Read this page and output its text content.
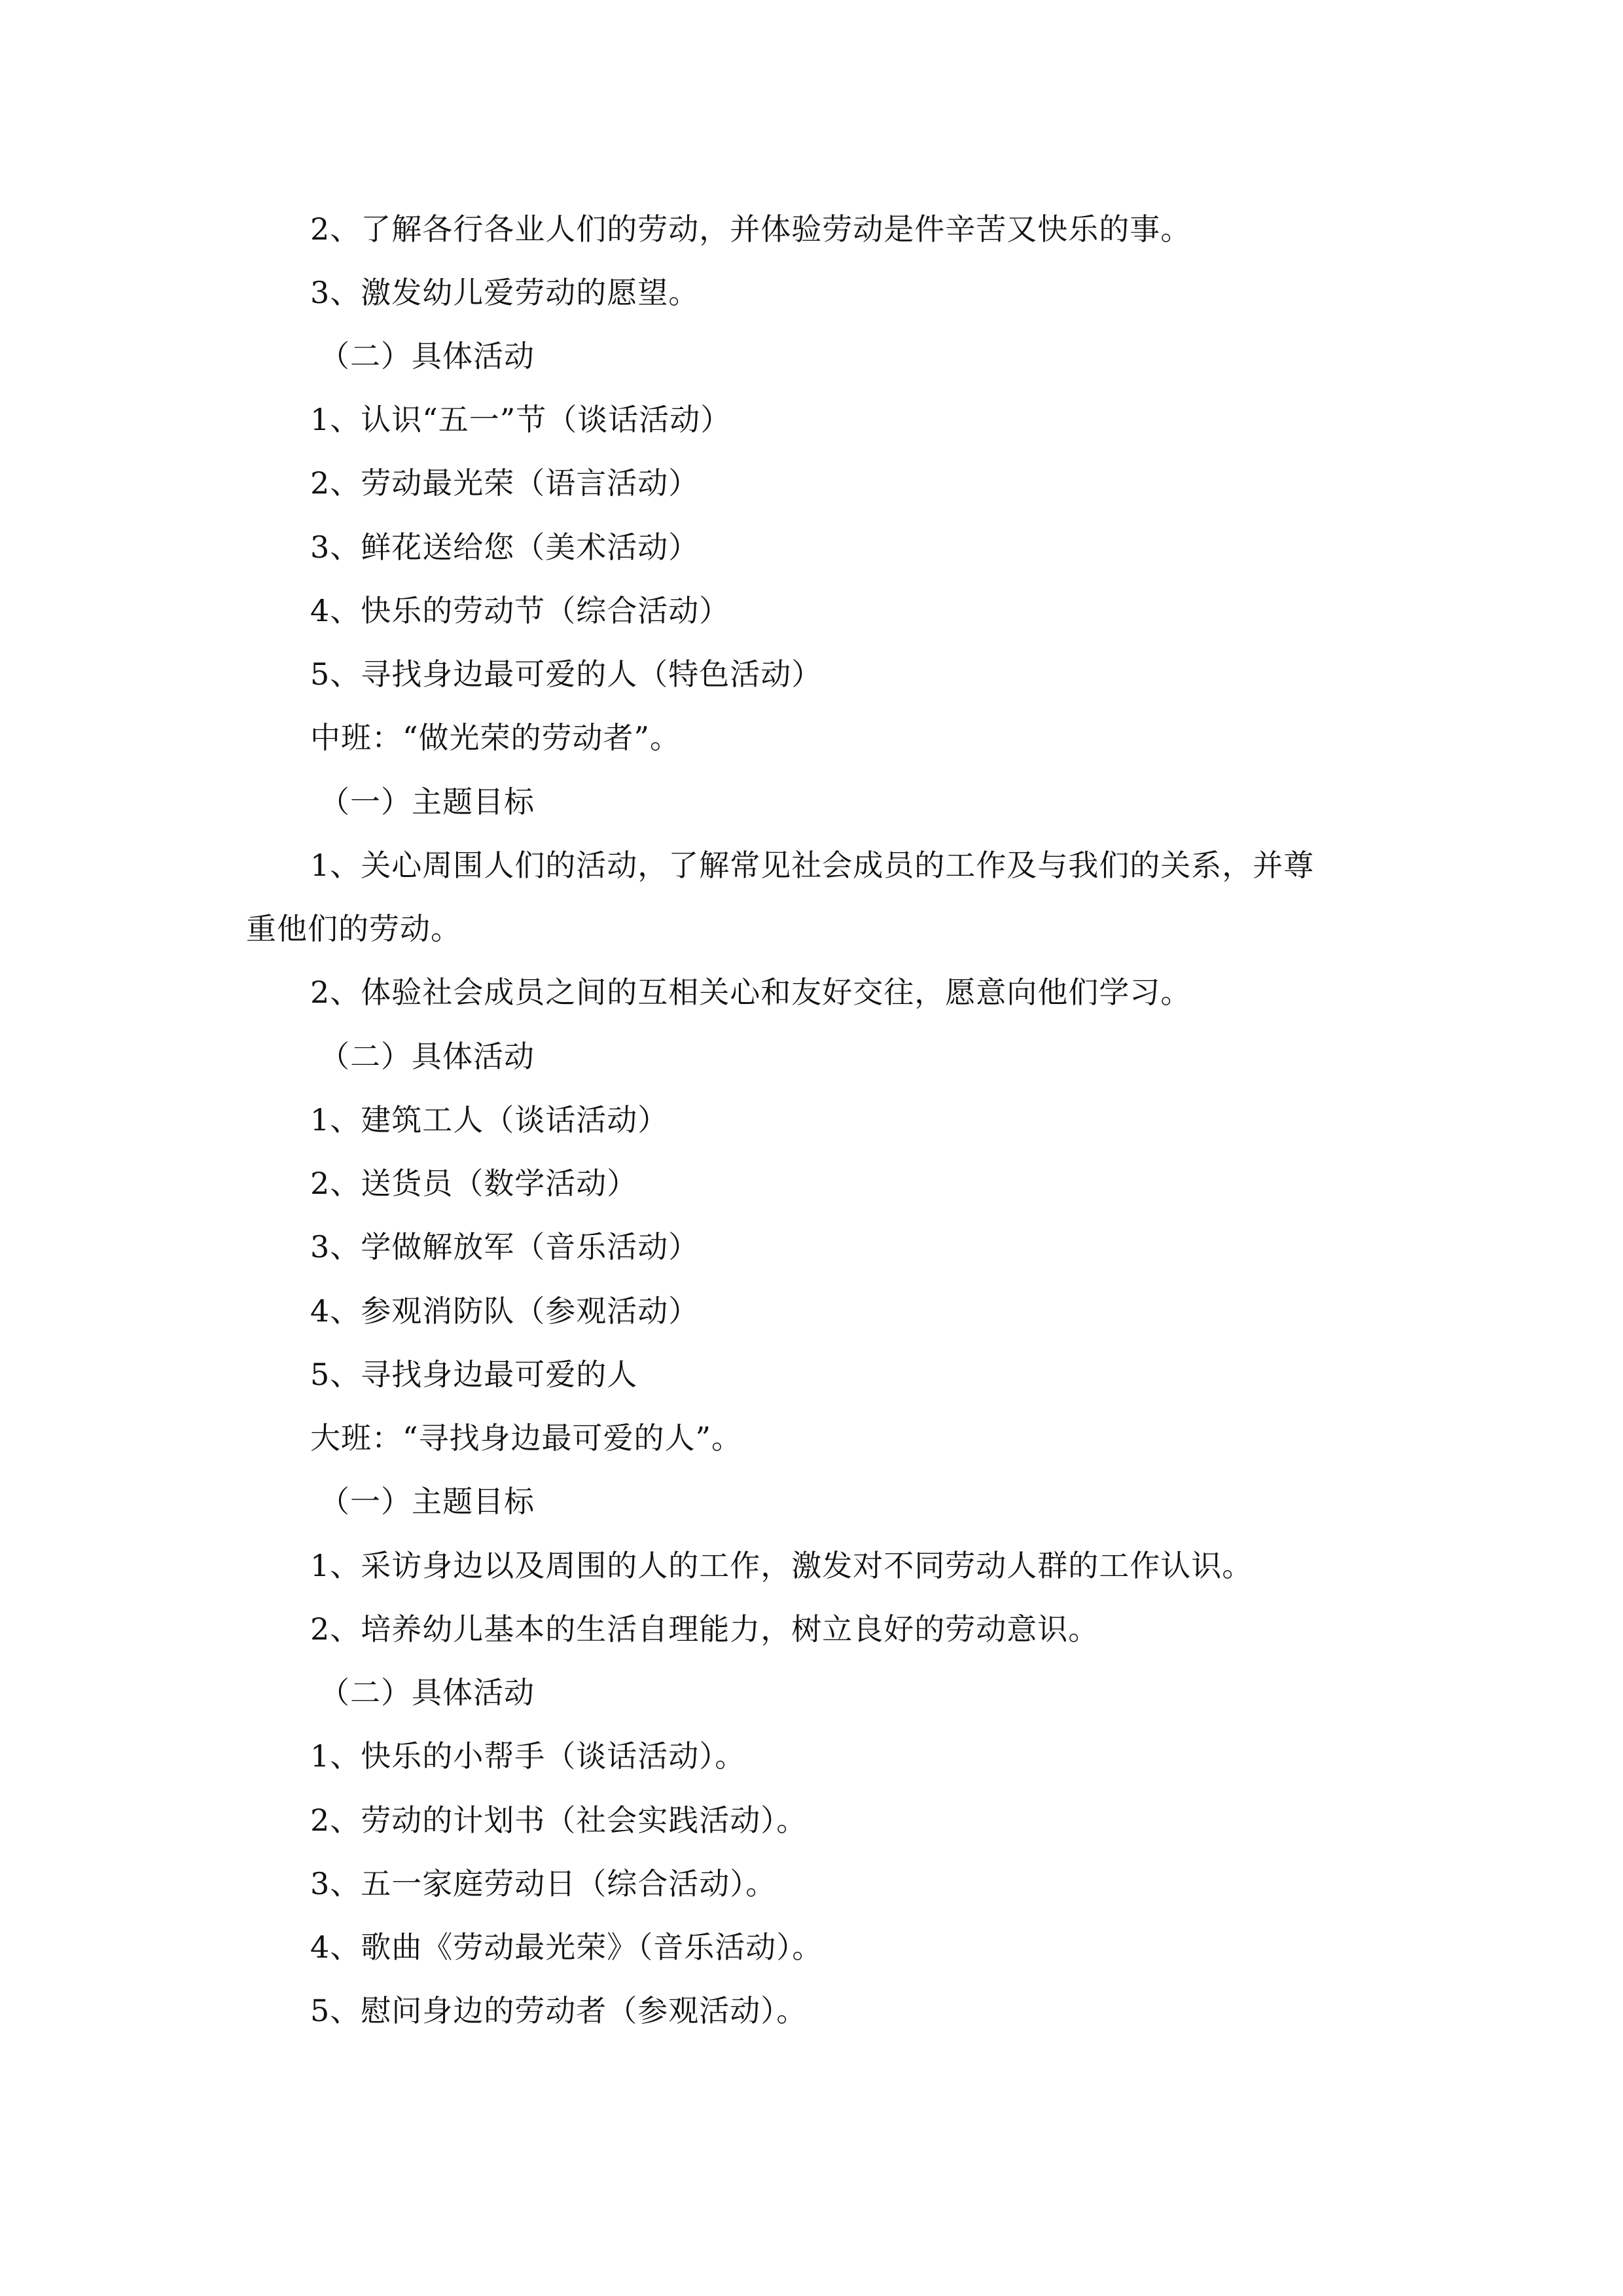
2、了解各行各业人们的劳动，并体验劳动是件辛苦又快乐的事。
3、激发幼儿爱劳动的愿望。
（二）具体活动
1、认识“五一”节（谈话活动）
2、劳动最光荣（语言活动）
3、鲜花送给您（美术活动）
4、快乐的劳动节（综合活动）
5、寻找身边最可爱的人（特色活动）
中班：“做光荣的劳动者”。
（一）主题目标
1、关心周围人们的活动，了解常见社会成员的工作及与我们的关系，并尊
重他们的劳动。
2、体验社会成员之间的互相关心和友好交往，愿意向他们学习。
（二）具体活动
1、建筑工人（谈话活动）
2、送货员（数学活动）
3、学做解放军（音乐活动）
4、参观消防队（参观活动）
5、寻找身边最可爱的人
大班：“寻找身边最可爱的人”。
（一）主题目标
1、采访身边以及周围的人的工作，激发对不同劳动人群的工作认识。
2、培养幼儿基本的生活自理能力，树立良好的劳动意识。
（二）具体活动
1、快乐的小帮手（谈话活动）。
2、劳动的计划书（社会实践活动）。
3、五一家庭劳动日（综合活动）。
4、歌曲《劳动最光荣》（音乐活动）。
5、慰问身边的劳动者（参观活动）。
